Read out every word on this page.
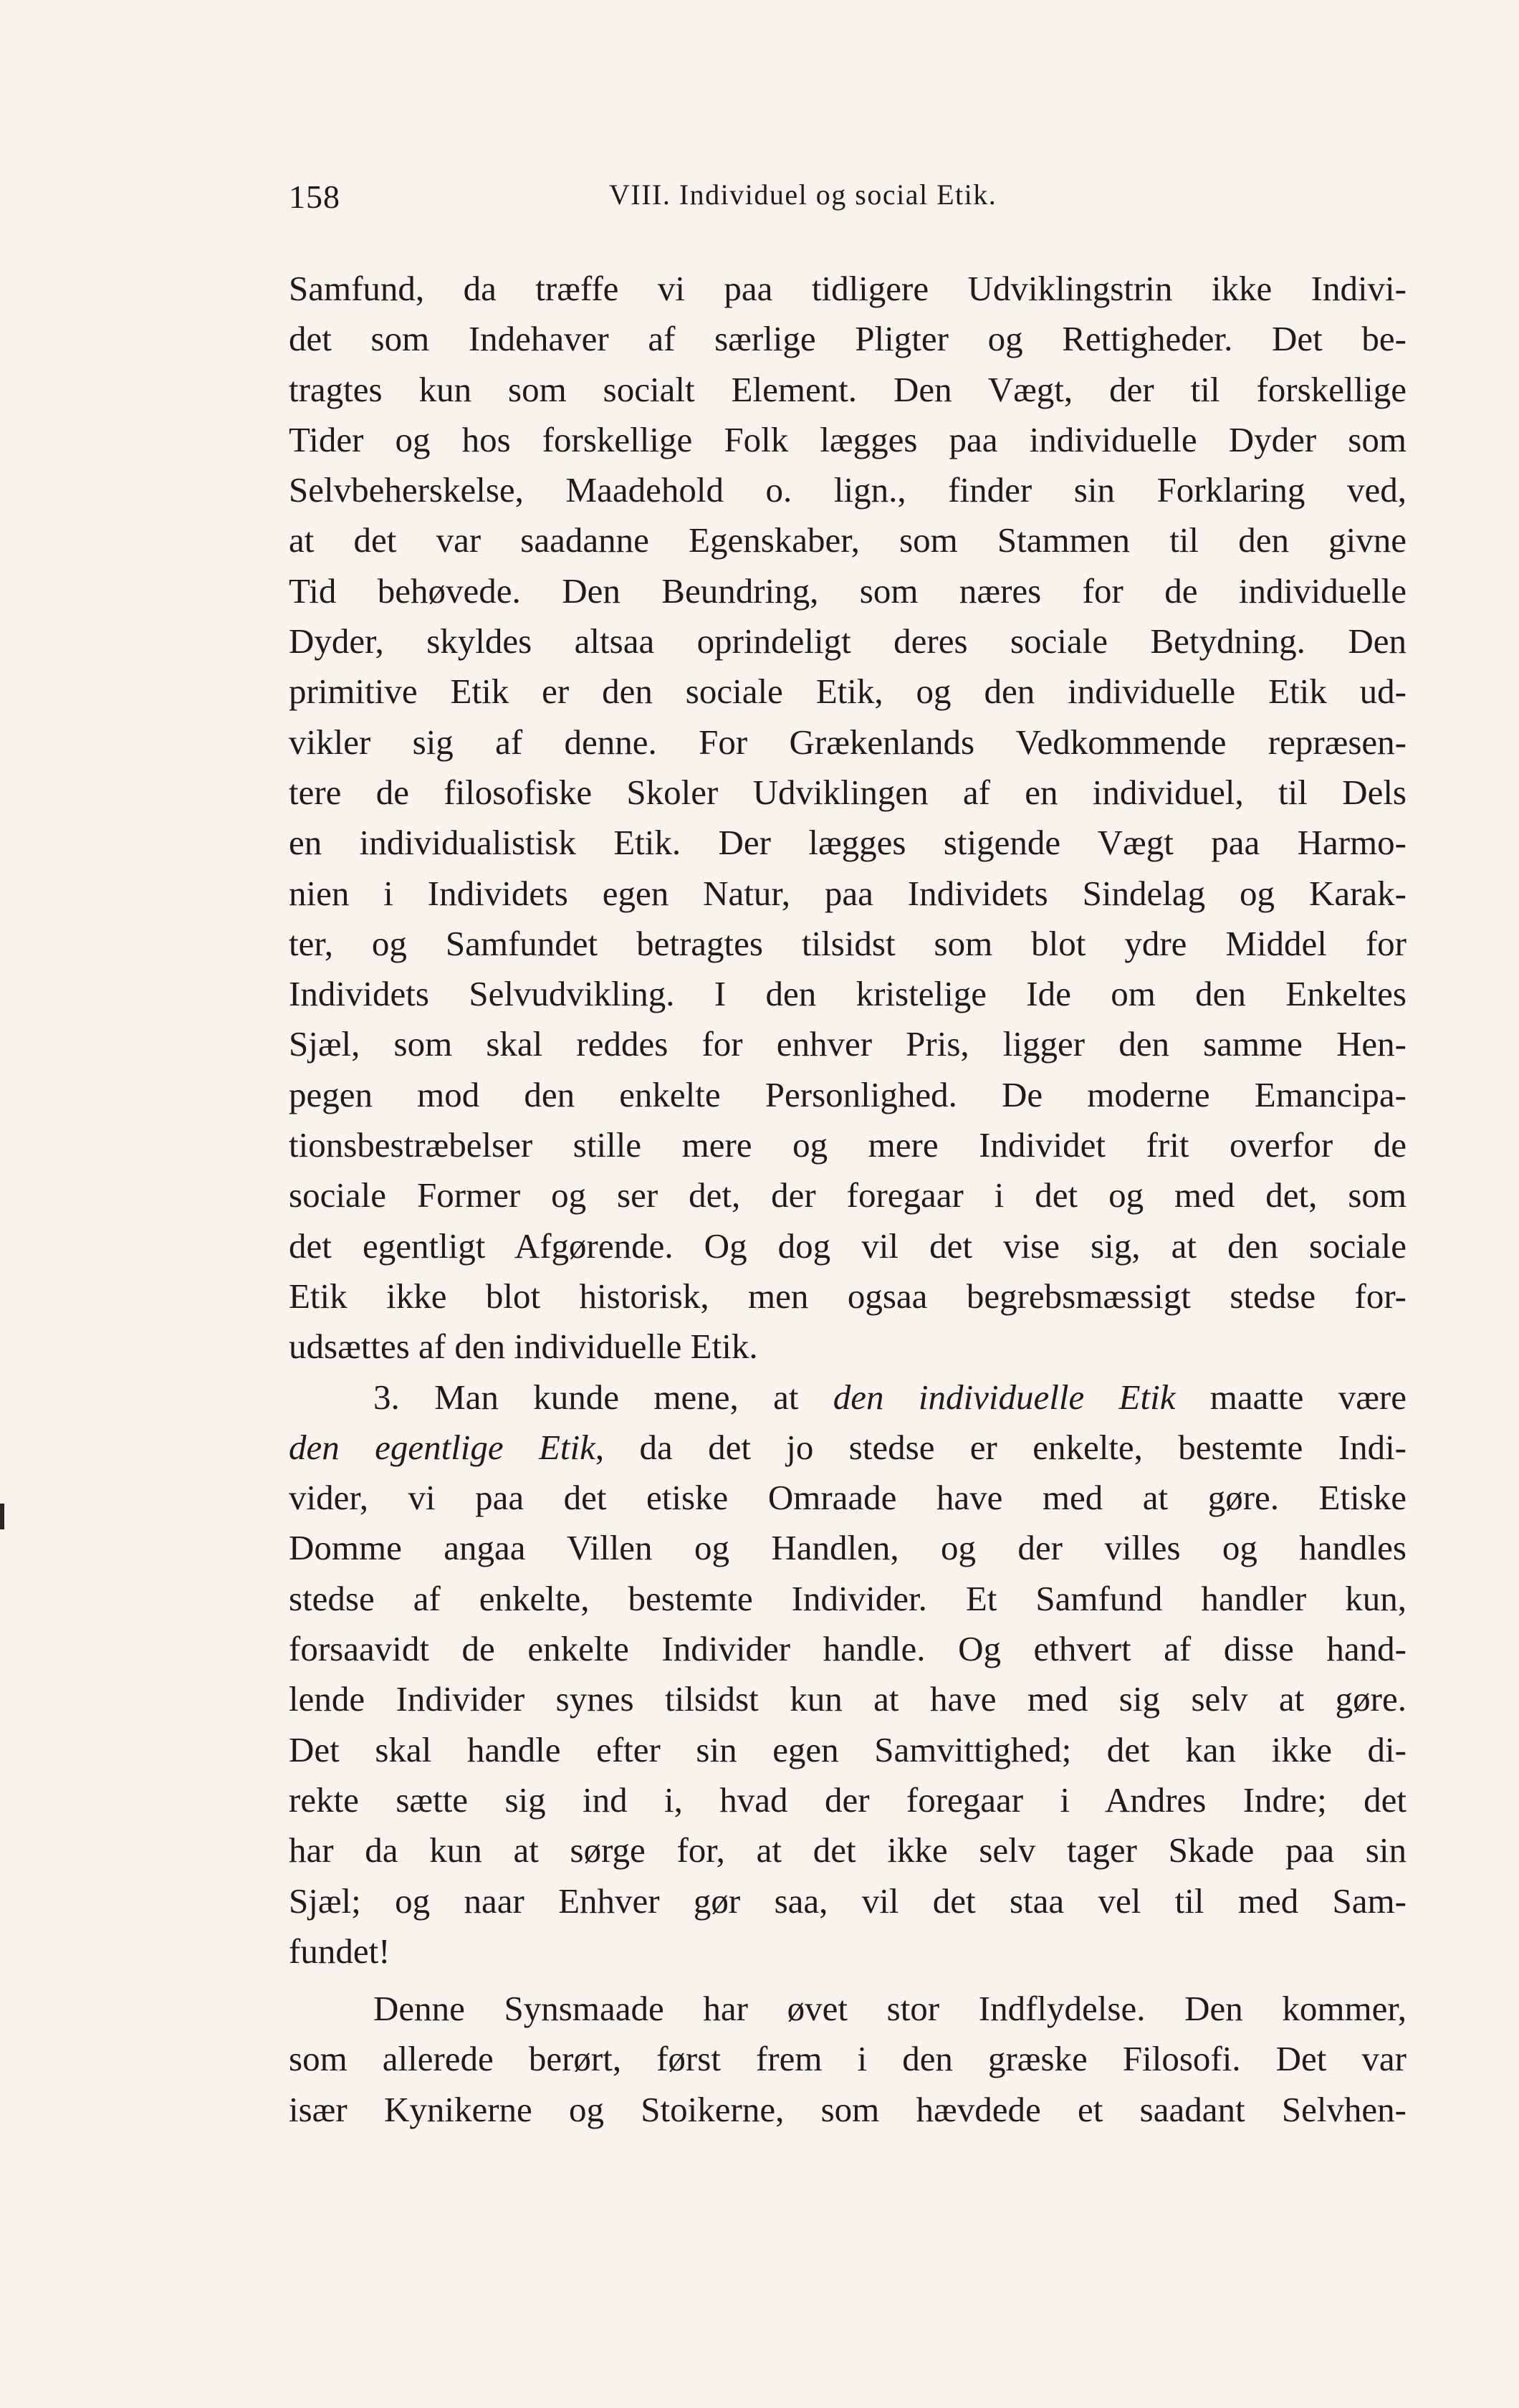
158	VIII. Individuel og social Etik.
Samfund, da træffe vi paa tidligere Udviklingstrin ikke Indivi-
det som Indehaver af særlige Pligter og Rettigheder. Det be-
tragtes kun som socialt Element. Den Vægt, der til forskellige
Tider og hos forskellige Folk lægges paa individuelle Dyder som
Selvbeherskelse, Maadehold o. lign., finder sin Forklaring ved,
at det var saadanne Egenskaber, som Stammen til den givne
Tid behøvede. Den Beundring, som næres for de individuelle
Dyder, skyldes altsaa oprindeligt deres sociale Betydning. Den
primitive Etik er den sociale Etik, og den individuelle Etik ud-
vikler sig af denne. For Grækenlands Vedkommende repræsen-
tere de filosofiske Skoler Udviklingen af en individuel, til Dels
en individualistisk Etik. Der lægges stigende Vægt paa Harmo-
nien i Individets egen Natur, paa Individets Sindelag og Karak-
ter, og Samfundet betragtes tilsidst som blot ydre Middel for
Individets Selvudvikling. I den kristelige Ide om den Enkeltes
Sjæl, som skal reddes for enhver Pris, ligger den samme Hen-
pegen mod den enkelte Personlighed. De moderne Emancipa-
tionsbestræbelser stille mere og mere Individet frit overfor de
sociale Former og ser det, der foregaar i det og med det, som
det egentligt Afgørende. Og dog vil det vise sig, at den sociale
Etik ikke blot historisk, men ogsaa begrebsmæssigt stedse for-
udsættes af den individuelle Etik.
3. Man kunde mene, at den individuelle Etik maatte være
den egentlige Etik, da det jo stedse er enkelte, bestemte Indi-
vider, vi paa det etiske Omraade have med at gøre. Etiske
Domme angaa Villen og Handlen, og der villes og handles
stedse af enkelte, bestemte Individer. Et Samfund handler kun,
forsaavidt de enkelte Individer handle. Og ethvert af disse hand-
lende Individer synes tilsidst kun at have med sig selv at gøre.
Det skal handle efter sin egen Samvittighed; det kan ikke di-
rekte sætte sig ind i, hvad der foregaar i Andres Indre; det
har da kun at sørge for, at det ikke selv tager Skade paa sin
Sjæl; og naar Enhver gør saa, vil det staa vel til med Sam-
fundet!
Denne Synsmaade har øvet stor Indflydelse. Den kommer,
som allerede berørt, først frem i den græske Filosofi. Det var
især Kynikerne og Stoikerne, som hævdede et saadant Selvhen-
